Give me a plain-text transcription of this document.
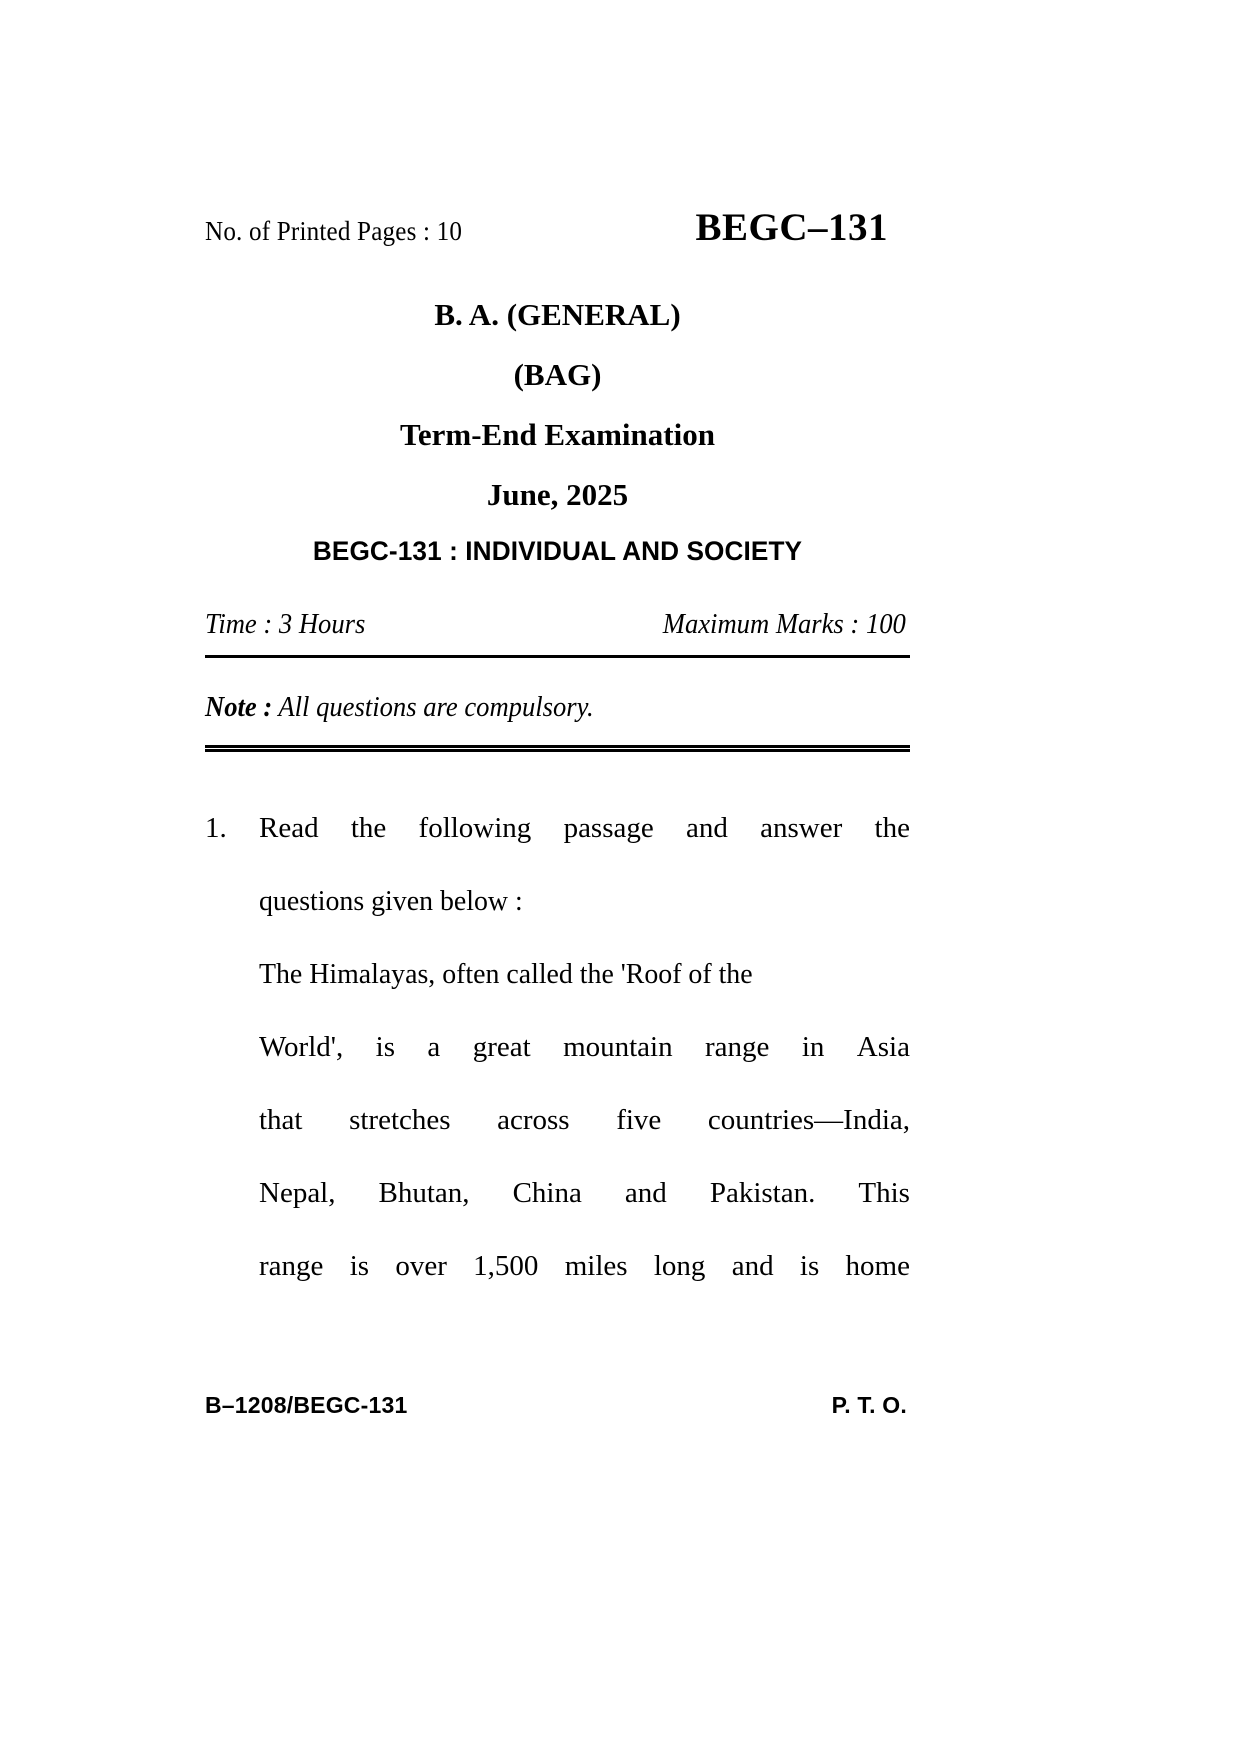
No. of Printed Pages : 10	BEGC–131
B. A. (GENERAL)
(BAG)
Term-End Examination
June, 2025
BEGC-131 : INDIVIDUAL AND SOCIETY
Time : 3 Hours	Maximum Marks : 100
Note : All questions are compulsory.
1.	Read the following passage and answer the
questions given below :
The Himalayas, often called the 'Roof of the
World', is a great mountain range in Asia
that stretches across five countries—India,
Nepal, Bhutan, China and Pakistan. This
range is over 1,500 miles long and is home
B–1208/BEGC-131	P. T. O.
